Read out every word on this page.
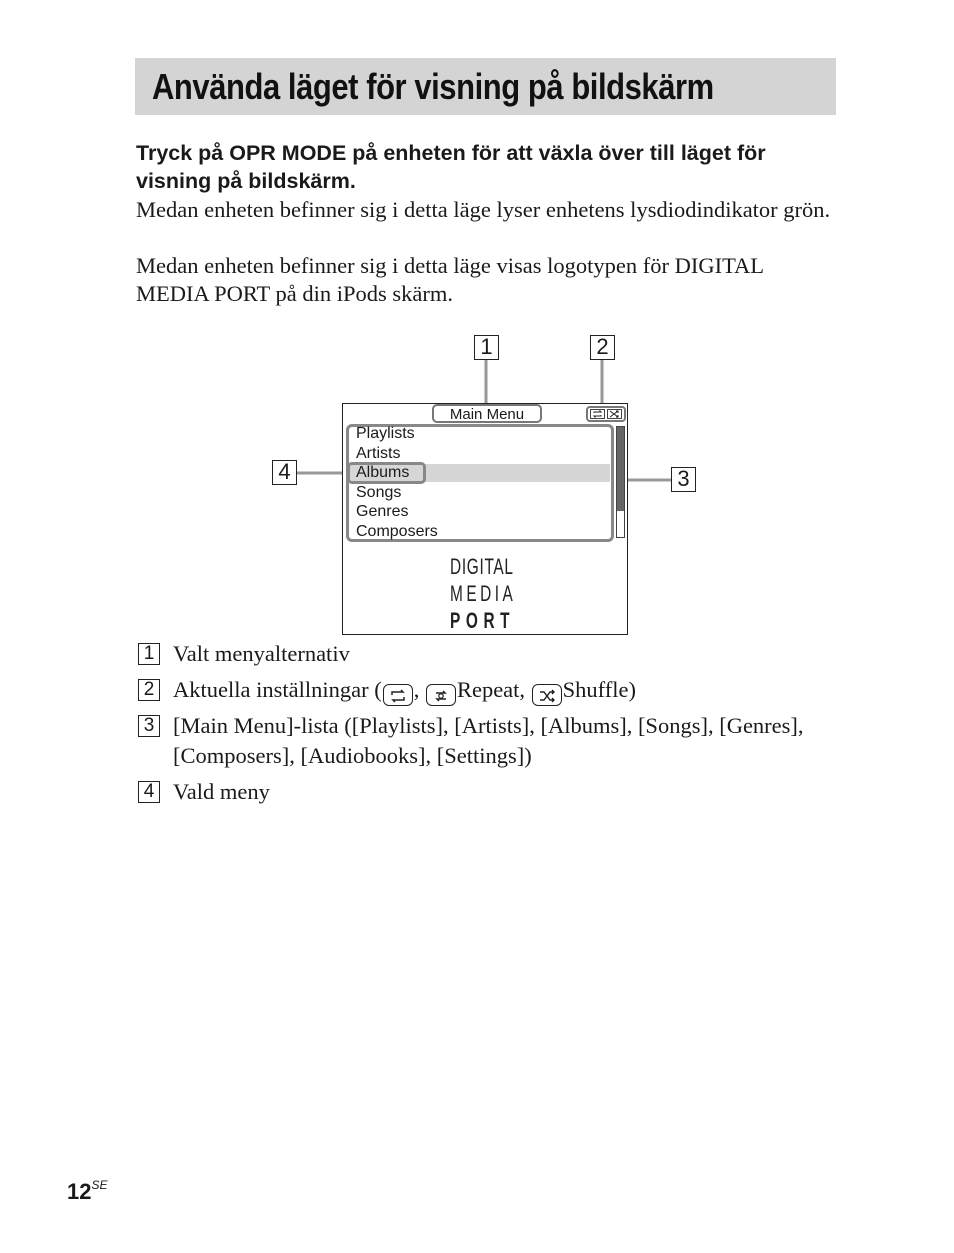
Använda läget för visning på bildskärm
Tryck på OPR MODE på enheten för att växla över till läget för visning på bildskärm.
Medan enheten befinner sig i detta läge lyser enhetens lysdiodindikator grön.
Medan enheten befinner sig i detta läge visas logotypen för DIGITAL MEDIA PORT på din iPods skärm.
Main Menu
Playlists
Artists
Albums
Songs
Genres
Composers
DIGITAL
MEDIA
PORT
1	2
3
4
1 Valt menyalternativ
2 Aktuella inställningar ( , Repeat, Shuffle)
3 [Main Menu]-lista ([Playlists], [Artists], [Albums], [Songs], [Genres],
[Composers], [Audiobooks], [Settings])
4 Vald meny
$12^{SE}$
